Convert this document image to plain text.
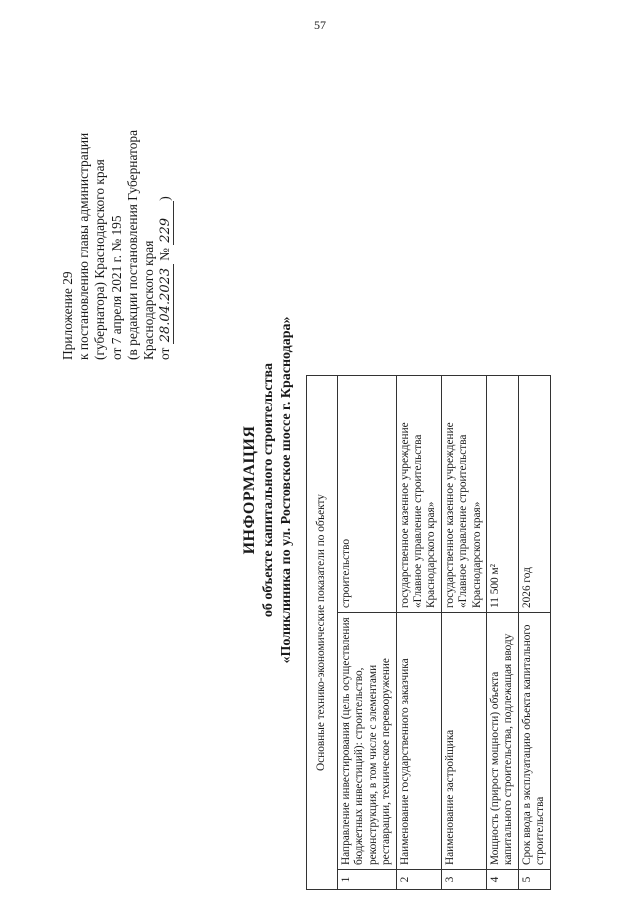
57
Приложение 29 к постановлению главы администрации (губернатора) Краснодарского края от 7 апреля 2021 г. № 195 (в редакции постановления Губернатора Краснодарского края от 28.04.2023 № 229)
ИНФОРМАЦИЯ об объекте капитального строительства «Поликлиника по ул. Ростовское шоссе г. Краснодара» Основные технико-экономические показатели по объекту		
1	Направление инвестирования (цель осуществления бюджетных инвестиций): строительство, реконструкция, в том числе с элементами реставрации, техническое перевооружение	строительство
2	Наименование государственного заказчика	государственное казенное учреждение «Главное управление строительства Краснодарского края»
3	Наименование застройщика	государственное казенное учреждение «Главное управление строительства Краснодарского края»
4	Мощность (прирост мощности) объекта капитального строительства, подлежащая вводу	11 500 м²
5	Срок ввода в эксплуатацию объекта капитального строительства	2026 год
